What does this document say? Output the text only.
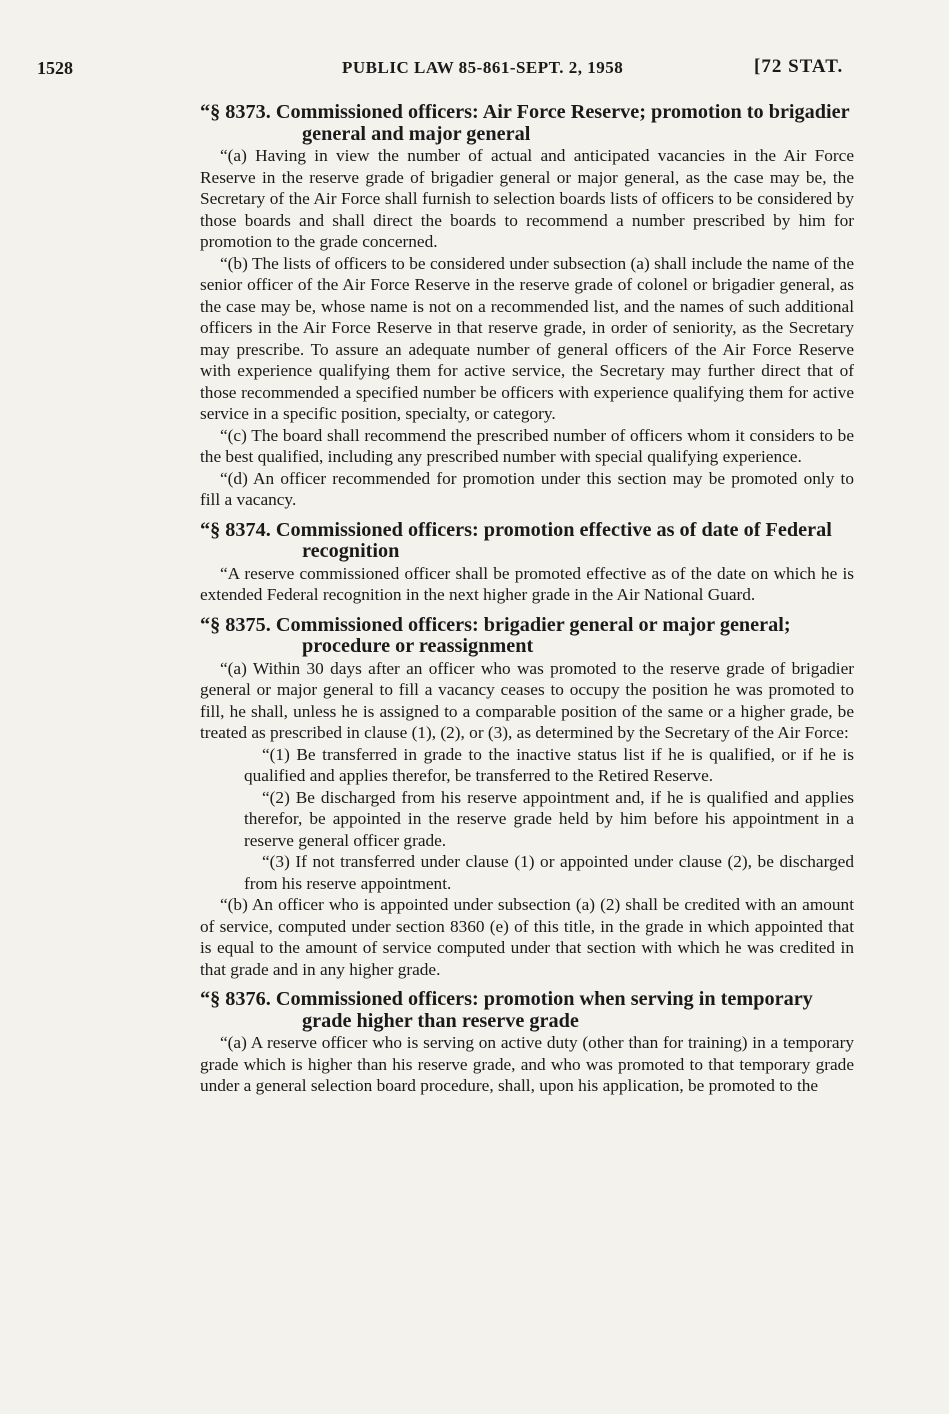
1528	PUBLIC LAW 85-861-SEPT. 2, 1958	[72 STAT.
“§ 8373. Commissioned officers: Air Force Reserve; promotion to brigadier general and major general

“(a) Having in view the number of actual and anticipated vacancies in the Air Force Reserve in the reserve grade of brigadier general or major general, as the case may be, the Secretary of the Air Force shall furnish to selection boards lists of officers to be considered by those boards and shall direct the boards to recommend a number prescribed by him for promotion to the grade concerned.

“(b) The lists of officers to be considered under subsection (a) shall include the name of the senior officer of the Air Force Reserve in the reserve grade of colonel or brigadier general, as the case may be, whose name is not on a recommended list, and the names of such additional officers in the Air Force Reserve in that reserve grade, in order of seniority, as the Secretary may prescribe. To assure an adequate number of general officers of the Air Force Reserve with experience qualifying them for active service, the Secretary may further direct that of those recommended a specified number be officers with experience qualifying them for active service in a specific position, specialty, or category.

“(c) The board shall recommend the prescribed number of officers whom it considers to be the best qualified, including any prescribed number with special qualifying experience.

“(d) An officer recommended for promotion under this section may be promoted only to fill a vacancy.

“§ 8374. Commissioned officers: promotion effective as of date of Federal recognition

“A reserve commissioned officer shall be promoted effective as of the date on which he is extended Federal recognition in the next higher grade in the Air National Guard.

“§ 8375. Commissioned officers: brigadier general or major general; procedure or reassignment

“(a) Within 30 days after an officer who was promoted to the reserve grade of brigadier general or major general to fill a vacancy ceases to occupy the position he was promoted to fill, he shall, unless he is assigned to a comparable position of the same or a higher grade, be treated as prescribed in clause (1), (2), or (3), as determined by the Secretary of the Air Force:

“(1) Be transferred in grade to the inactive status list if he is qualified, or if he is qualified and applies therefor, be transferred to the Retired Reserve.

“(2) Be discharged from his reserve appointment and, if he is qualified and applies therefor, be appointed in the reserve grade held by him before his appointment in a reserve general officer grade.

“(3) If not transferred under clause (1) or appointed under clause (2), be discharged from his reserve appointment.

“(b) An officer who is appointed under subsection (a) (2) shall be credited with an amount of service, computed under section 8360 (e) of this title, in the grade in which appointed that is equal to the amount of service computed under that section with which he was credited in that grade and in any higher grade.

“§ 8376. Commissioned officers: promotion when serving in temporary grade higher than reserve grade

“(a) A reserve officer who is serving on active duty (other than for training) in a temporary grade which is higher than his reserve grade, and who was promoted to that temporary grade under a general selection board procedure, shall, upon his application, be promoted to the
